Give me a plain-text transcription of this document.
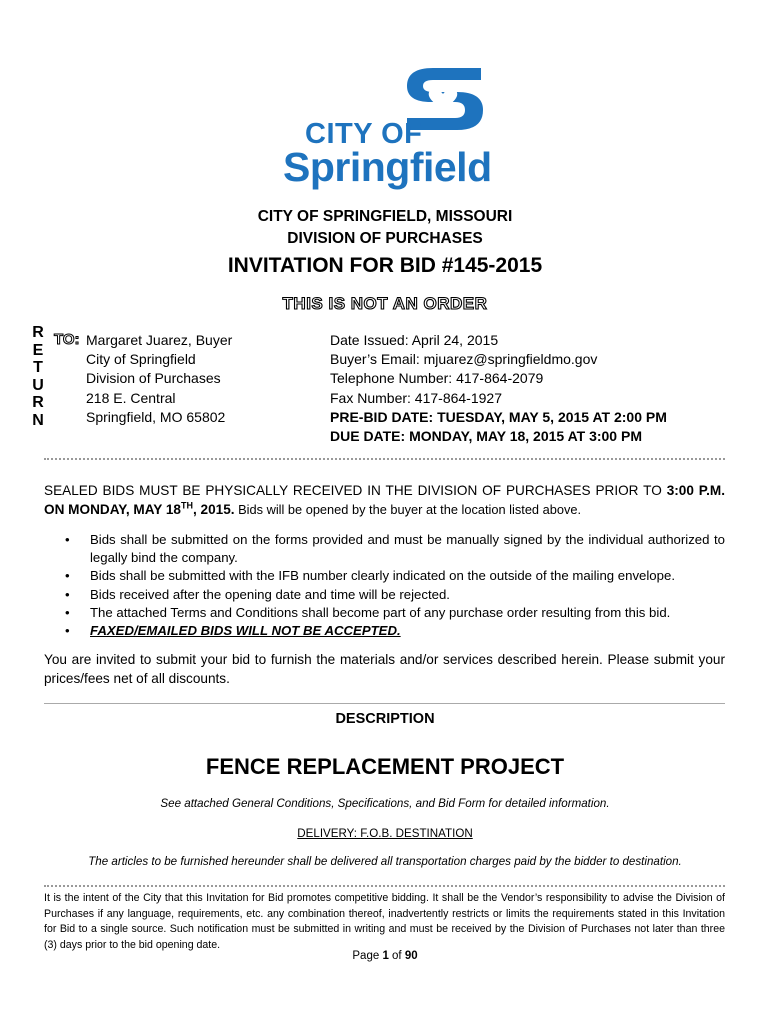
CITY OF
Springfield
CITY OF SPRINGFIELD, MISSOURI
DIVISION OF PURCHASES
INVITATION FOR BID #145-2015
THIS IS NOT AN ORDER
R
E
T
U
R
N
TO: Margaret Juarez, Buyer
City of Springfield
Division of Purchases
218 E. Central
Springfield, MO 65802
Date Issued: April 24, 2015
Buyer’s Email: mjuarez@springfieldmo.gov
Telephone Number: 417-864-2079
Fax Number: 417-864-1927
PRE-BID DATE: TUESDAY, MAY 5, 2015 AT 2:00 PM
DUE DATE: MONDAY, MAY 18, 2015 AT 3:00 PM
SEALED BIDS MUST BE PHYSICALLY RECEIVED IN THE DIVISION OF PURCHASES PRIOR TO 3:00 P.M. ON MONDAY, MAY 18TH, 2015. Bids will be opened by the buyer at the location listed above.
• Bids shall be submitted on the forms provided and must be manually signed by the individual authorized to legally bind the company.
• Bids shall be submitted with the IFB number clearly indicated on the outside of the mailing envelope.
• Bids received after the opening date and time will be rejected.
• The attached Terms and Conditions shall become part of any purchase order resulting from this bid.
• FAXED/EMAILED BIDS WILL NOT BE ACCEPTED.
You are invited to submit your bid to furnish the materials and/or services described herein. Please submit your prices/fees net of all discounts.
DESCRIPTION
FENCE REPLACEMENT PROJECT
See attached General Conditions, Specifications, and Bid Form for detailed information.
DELIVERY: F.O.B. DESTINATION
The articles to be furnished hereunder shall be delivered all transportation charges paid by the bidder to destination.
It is the intent of the City that this Invitation for Bid promotes competitive bidding. It shall be the Vendor’s responsibility to advise the Division of Purchases if any language, requirements, etc. any combination thereof, inadvertently restricts or limits the requirements stated in this Invitation for Bid to a single source. Such notification must be submitted in writing and must be received by the Division of Purchases not later than three (3) days prior to the bid opening date.
Page 1 of 90
